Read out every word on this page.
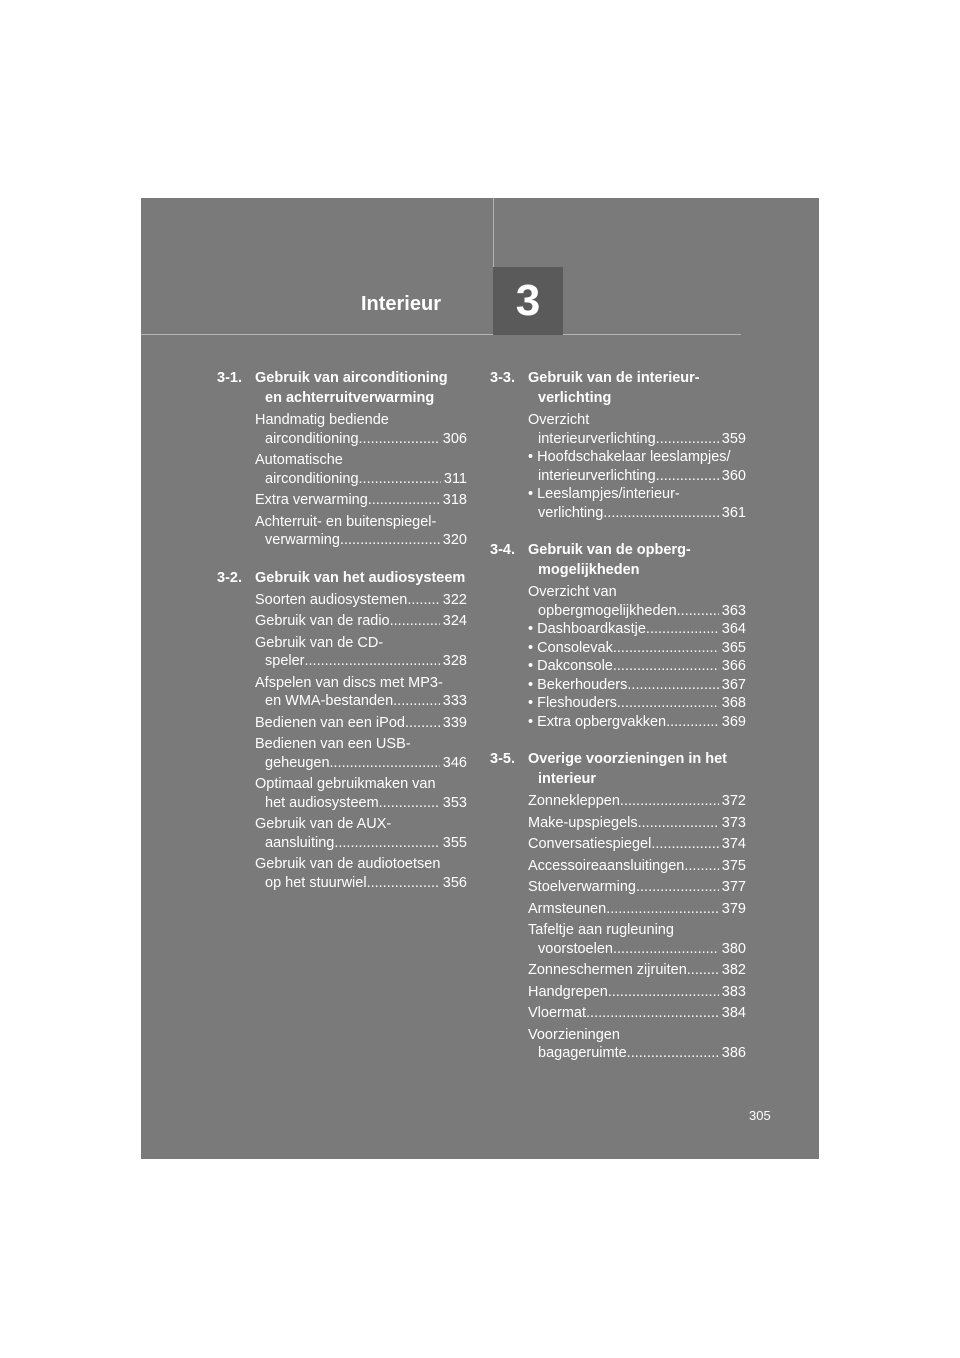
Interieur	3
3-1. Gebruik van airconditioning en achterruitverwarming
Handmatig bediende
airconditioning .....	306
Automatische
airconditioning .....	311
Extra verwarming .....	318
Achterruit- en buitenspiegel-
verwarming .....	320
3-2. Gebruik van het audiosysteem
Soorten audiosystemen ..... 322
Gebruik van de radio .....	324
Gebruik van de CD-
speler .....	328
Afspelen van discs met MP3-
en WMA-bestanden .....	333
Bedienen van een iPod .....	339
Bedienen van een USB-
geheugen .....	346
Optimaal gebruikmaken van
het audiosysteem .....	353
Gebruik van de AUX-
aansluiting .....	355
Gebruik van de audiotoetsen
op het stuurwiel .....	356
3-3. Gebruik van de interieur-verlichting
Overzicht
interieurverlichting .....	359
• Hoofdschakelaar leeslampjes/
interieurverlichting .....	360
• Leeslampjes/interieur-
verlichting .....	361
3-4. Gebruik van de opberg-mogelijkheden
Overzicht van
opbergmogelijkheden .....	363
• Dashboardkastje .....	364
• Consolevak .....	365
• Dakconsole .....	366
• Bekerhouders .....	367
• Fleshouders .....	368
• Extra opbergvakken .....	369
3-5. Overige voorzieningen in het interieur
Zonnekleppen .....	372
Make-upspiegels .....	373
Conversatiespiegel .....	374
Accessoireaansluitingen .....	375
Stoelverwarming .....	377
Armsteunen .....	379
Tafeltje aan rugleuning
voorstoelen .....	380
Zonneschermen zijruiten ..... 382
Handgrepen .....	383
Vloermat .....	384
Voorzieningen
bagageruimte .....	386
305
